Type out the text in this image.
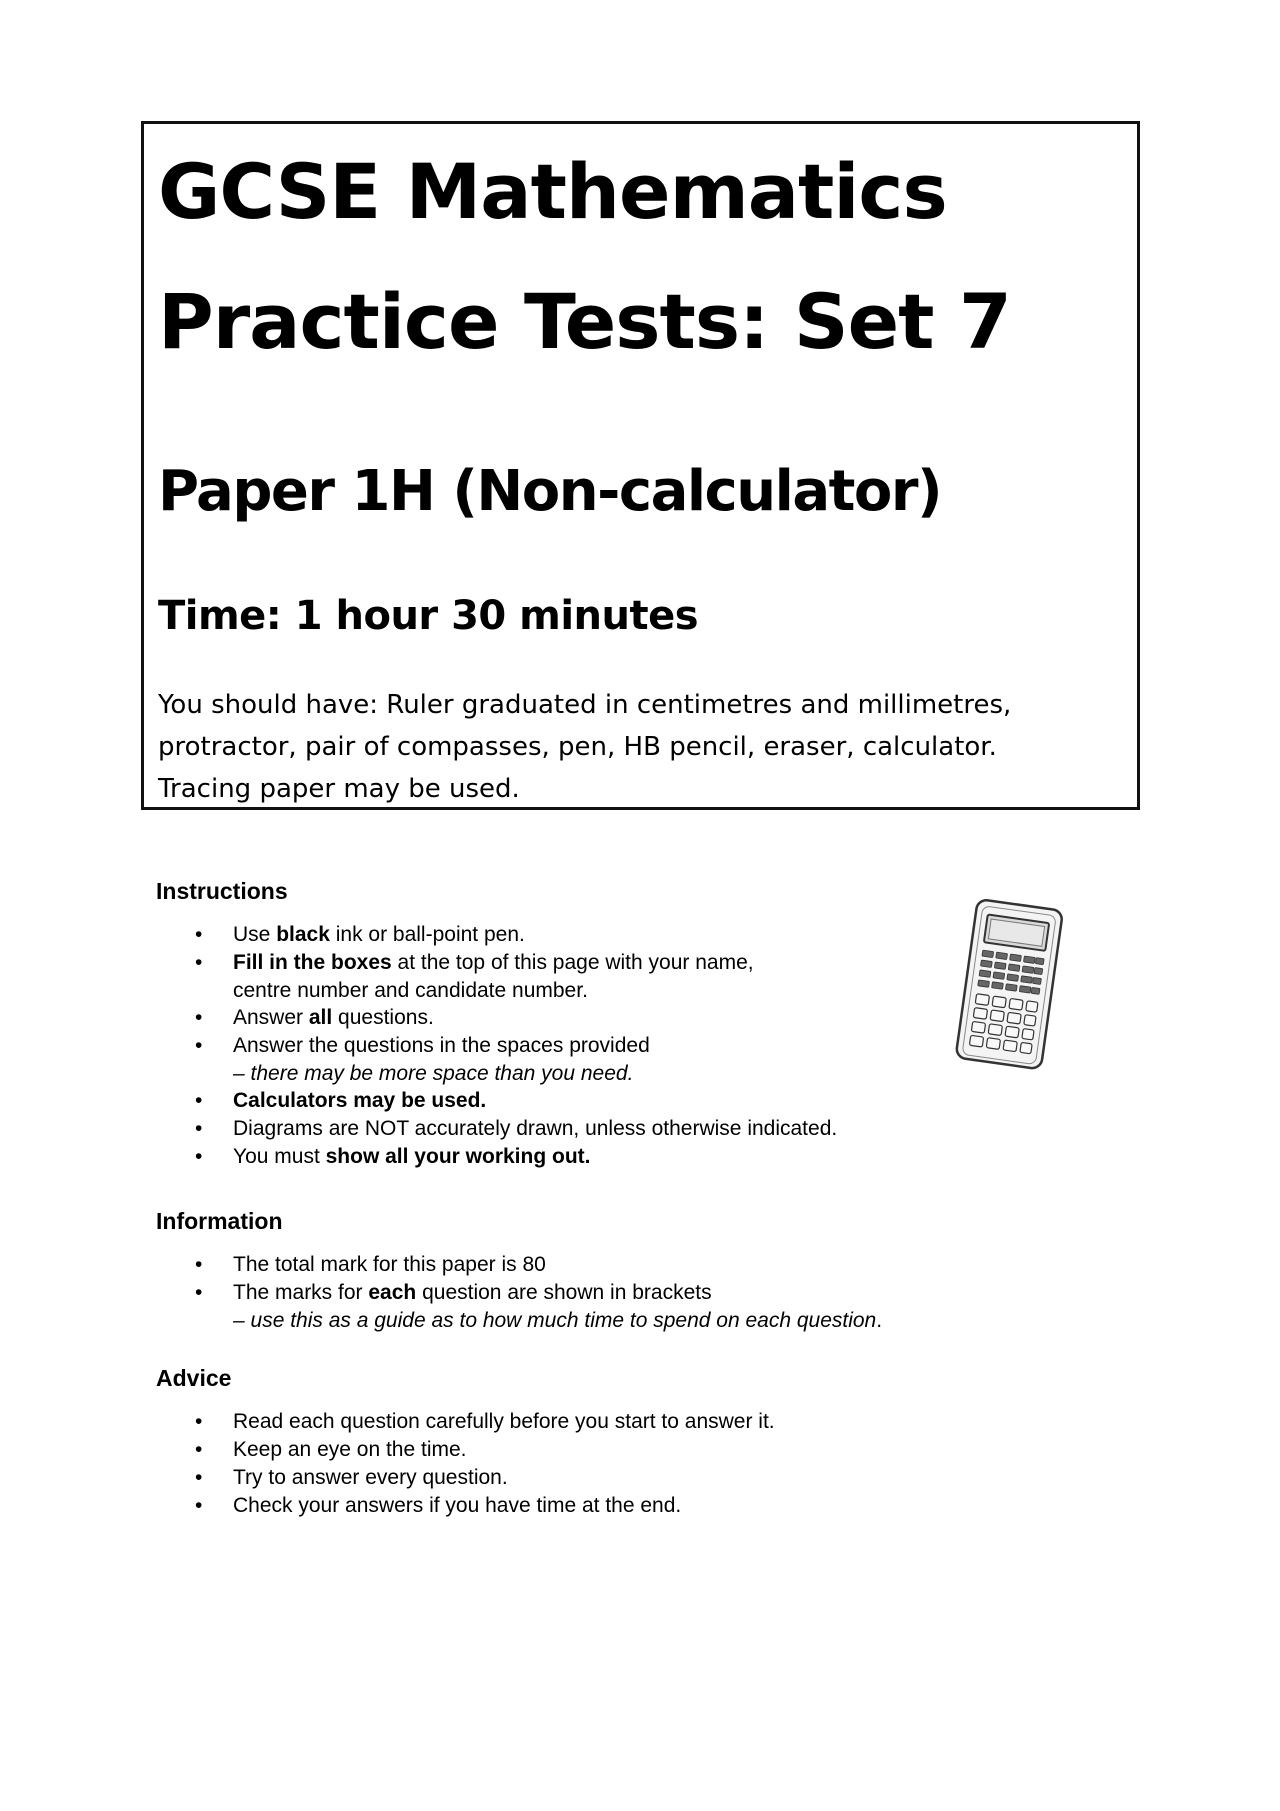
GCSE Mathematics
Practice Tests: Set 7
Paper 1H (Non-calculator)
Time: 1 hour 30 minutes
You should have: Ruler graduated in centimetres and millimetres,
protractor, pair of compasses, pen, HB pencil, eraser, calculator.
Tracing paper may be used.
Instructions
• Use black ink or ball-point pen.
• Fill in the boxes at the top of this page with your name,
centre number and candidate number.
• Answer all questions.
• Answer the questions in the spaces provided
– there may be more space than you need.
• Calculators may be used.
• Diagrams are NOT accurately drawn, unless otherwise indicated.
• You must show all your working out.
Information
• The total mark for this paper is 80
• The marks for each question are shown in brackets
– use this as a guide as to how much time to spend on each question.
Advice
• Read each question carefully before you start to answer it.
• Keep an eye on the time.
• Try to answer every question.
• Check your answers if you have time at the end.
